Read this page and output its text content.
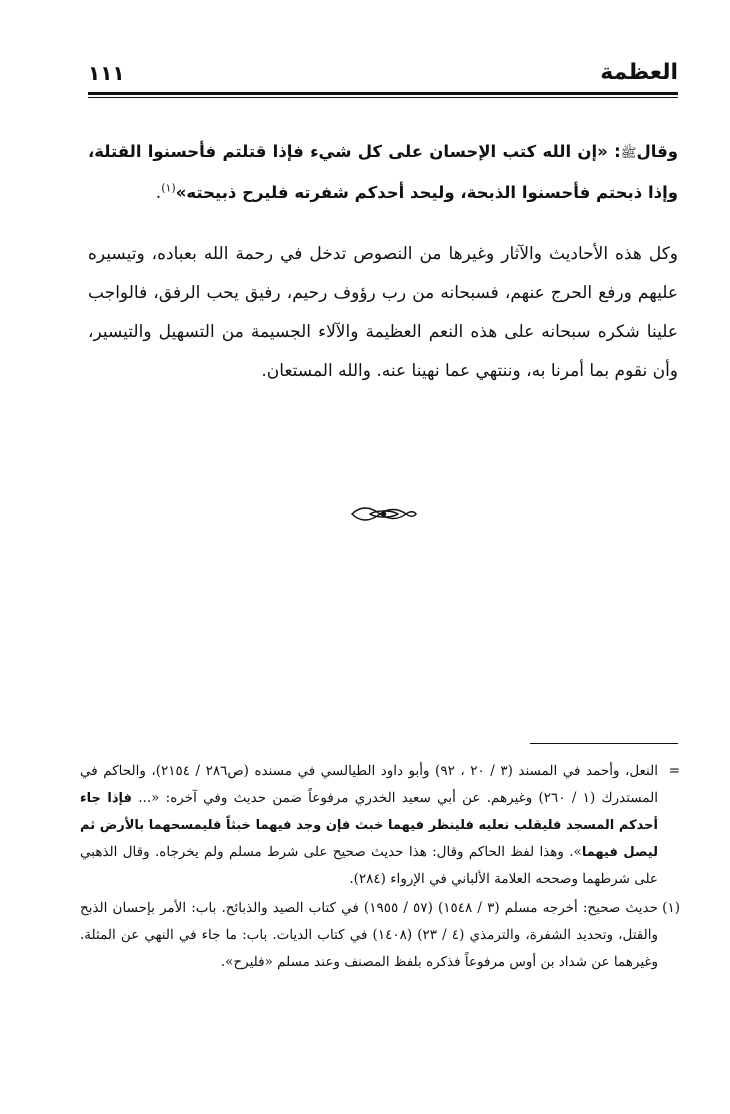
العظمة
١١١

وقالﷺ: «إن الله كتب الإحسان على كل شيء فإذا قتلتم فأحسنوا القتلة، وإذا ذبحتم فأحسنوا الذبحة، وليحد أحدكم شفرته فليرح ذبيحته»$^{(١)}$.

وكل هذه الأحاديث والآثار وغيرها من النصوص تدخل في رحمة الله بعباده، وتيسيره عليهم ورفع الحرج عنهم، فسبحانه من رب رؤوف رحيم، رفيق يحب الرفق، فالواجب علينا شكره سبحانه على هذه النعم العظيمة والآلاء الجسيمة من التسهيل والتيسير، وأن نقوم بما أمرنا به، وننتهي عما نهينا عنه. والله المستعان.

=
النعل، وأحمد في المسند (٣ / ٢٠ ، ٩٢) وأبو داود الطيالسي في مسنده (ص٢٨٦ / ٢١٥٤)، والحاكم في المستدرك (١ / ٢٦٠) وغيرهم. عن أبي سعيد الخدري مرفوعاً ضمن حديث وفي آخره: «... فإذا جاء أحدكم المسجد فليقلب نعليه فلينظر فيهما خبث فإن وجد فيهما خبثاً فليمسحهما بالأرض ثم ليصل فيهما». وهذا لفظ الحاكم وقال: هذا حديث صحيح على شرط مسلم ولم يخرجاه. وقال الذهبي على شرطهما وصححه العلامة الألباني في الإرواء (٢٨٤).

(١)
حديث صحيح: أخرجه مسلم (٣ / ١٥٤٨) (٥٧ / ١٩٥٥) في كتاب الصيد والذبائح. باب: الأمر بإحسان الذبح والقتل، وتحديد الشفرة، والترمذي (٤ / ٢٣) (١٤٠٨) في كتاب الديات. باب: ما جاء في النهي عن المثلة. وغيرهما عن شداد بن أوس مرفوعاً فذكره بلفظ المصنف وعند مسلم «فليرح».
